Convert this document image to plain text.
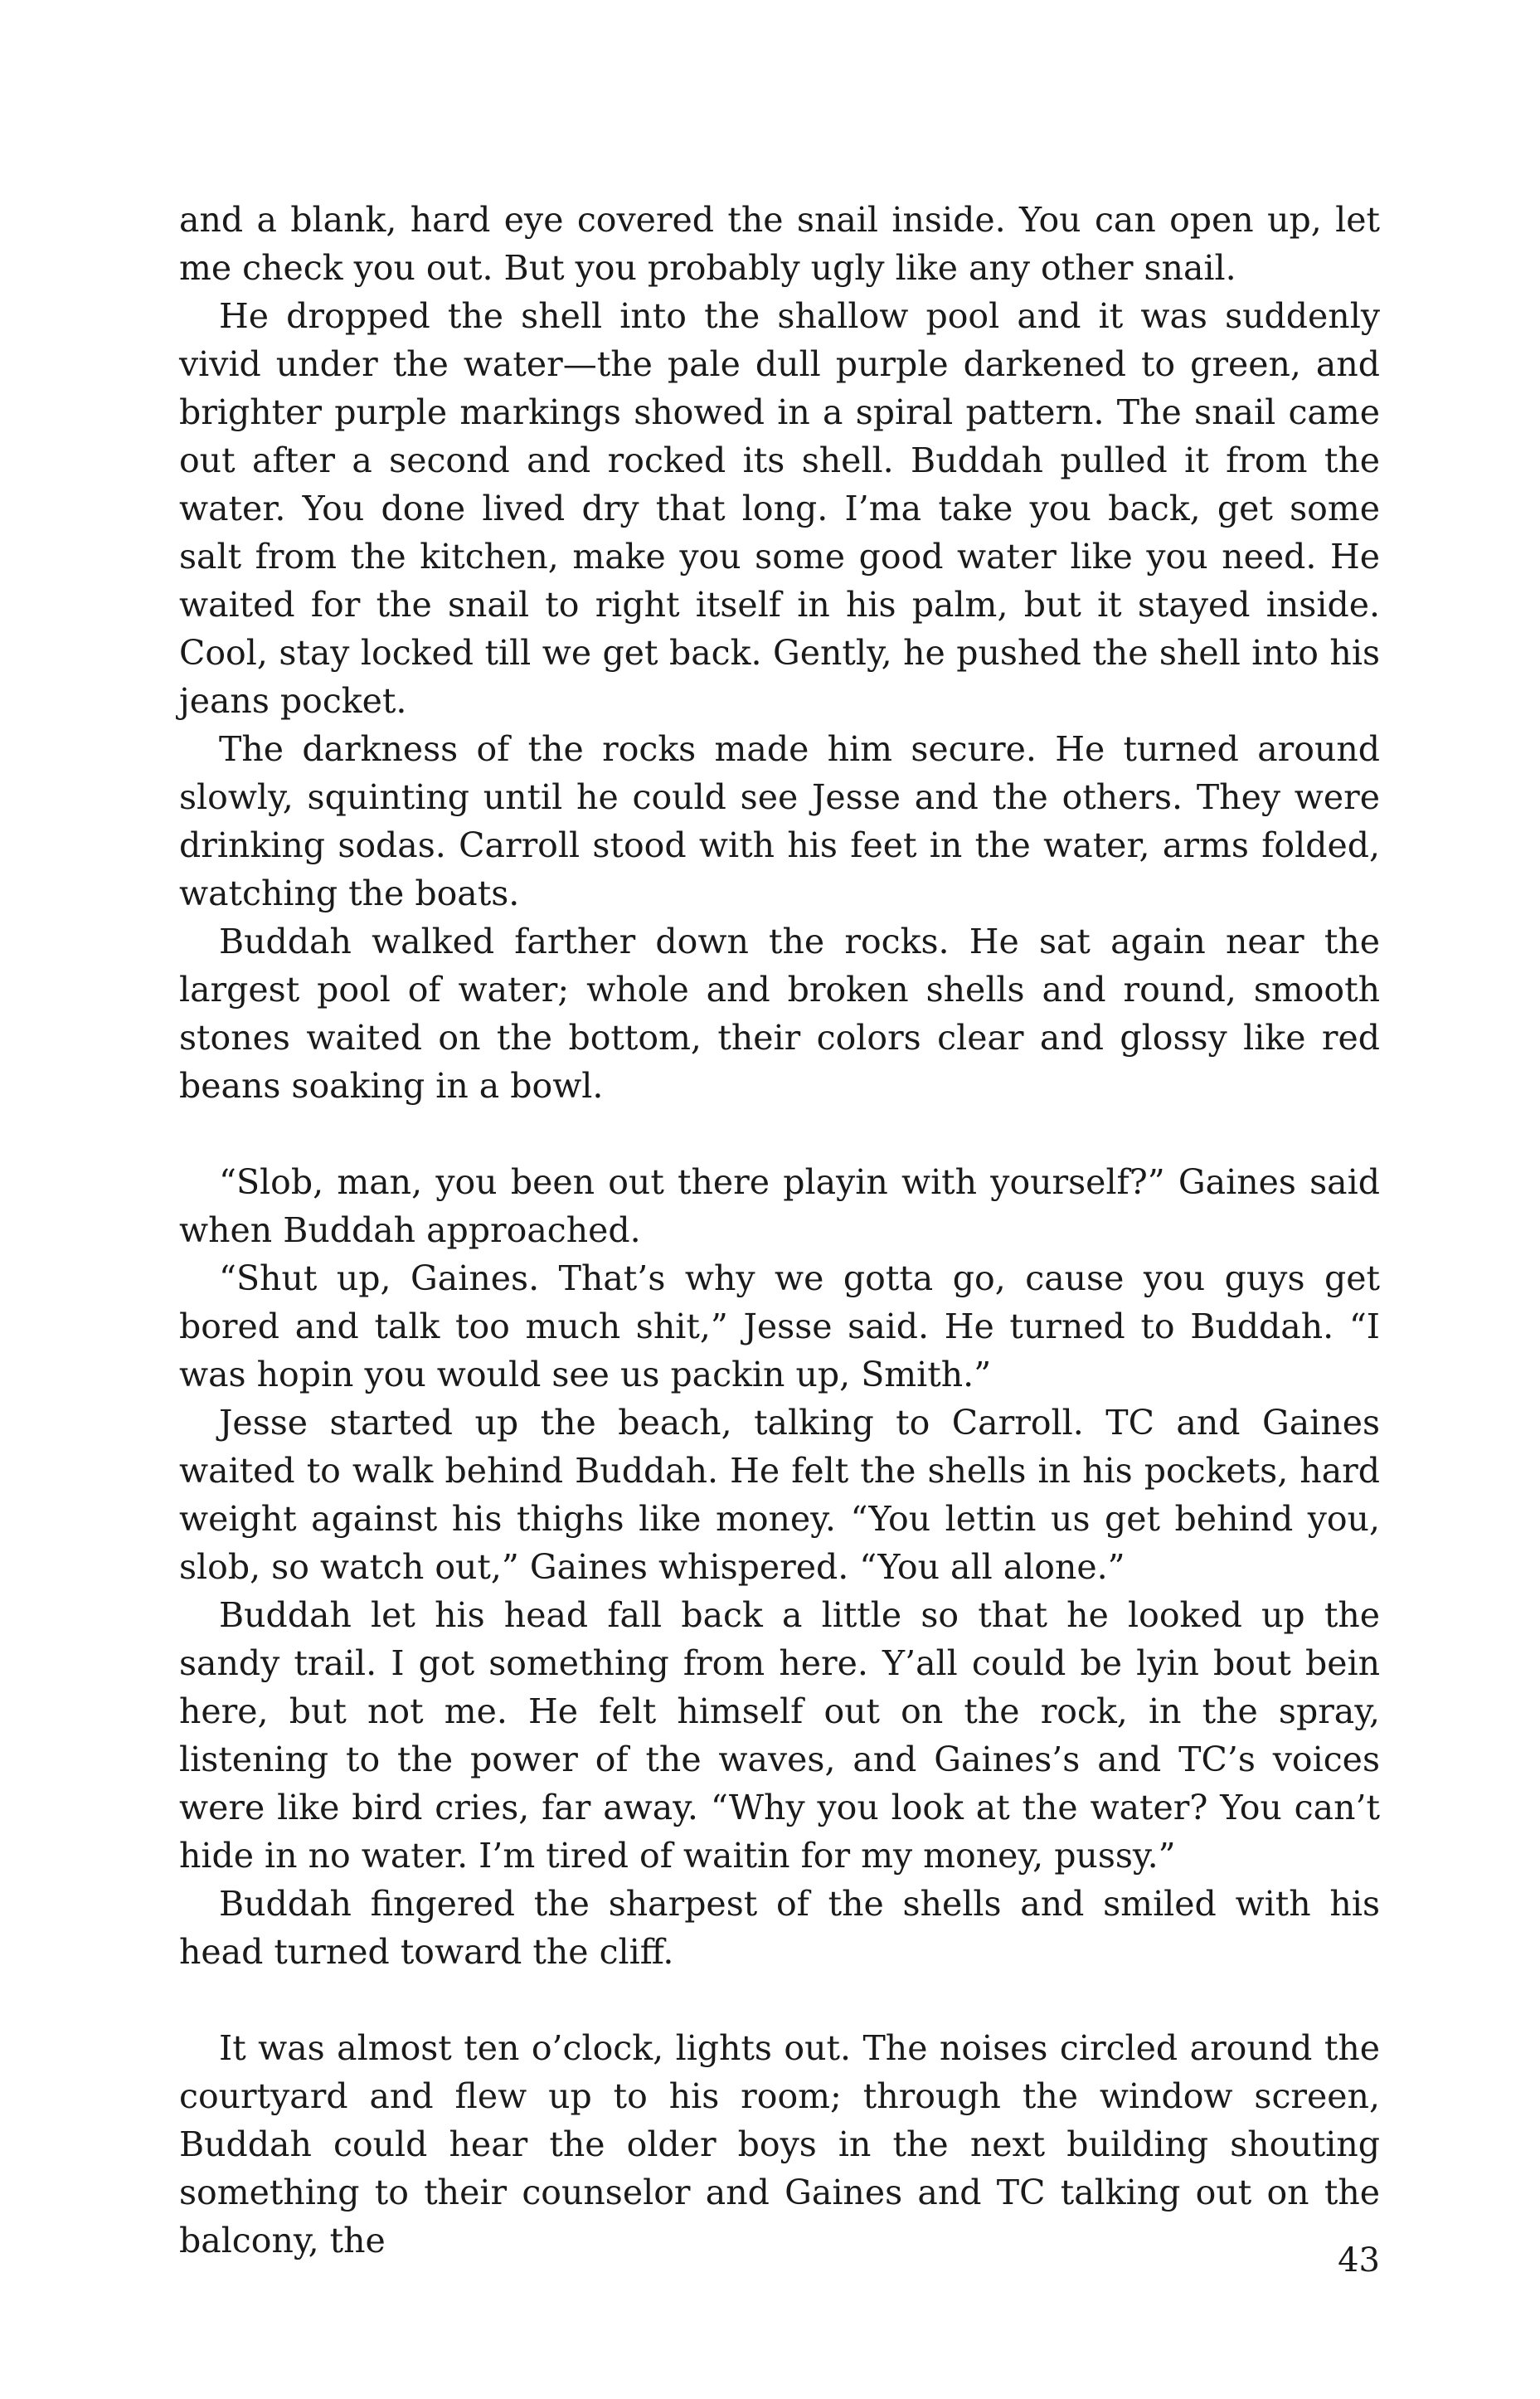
and a blank, hard eye covered the snail inside. You can open up, let me check you out. But you probably ugly like any other snail.

He dropped the shell into the shallow pool and it was suddenly vivid under the water—the pale dull purple darkened to green, and brighter purple markings showed in a spiral pattern. The snail came out after a second and rocked its shell. Buddah pulled it from the water. You done lived dry that long. I’ma take you back, get some salt from the kitchen, make you some good water like you need. He waited for the snail to right itself in his palm, but it stayed inside. Cool, stay locked till we get back. Gently, he pushed the shell into his jeans pocket.

The darkness of the rocks made him secure. He turned around slowly, squinting until he could see Jesse and the others. They were drinking sodas. Carroll stood with his feet in the water, arms folded, watching the boats.

Buddah walked farther down the rocks. He sat again near the largest pool of water; whole and broken shells and round, smooth stones waited on the bottom, their colors clear and glossy like red beans soaking in a bowl.

“Slob, man, you been out there playin with yourself?” Gaines said when Buddah approached.

“Shut up, Gaines. That’s why we gotta go, cause you guys get bored and talk too much shit,” Jesse said. He turned to Buddah. “I was hopin you would see us packin up, Smith.”

Jesse started up the beach, talking to Carroll. TC and Gaines waited to walk behind Buddah. He felt the shells in his pockets, hard weight against his thighs like money. “You lettin us get behind you, slob, so watch out,” Gaines whispered. “You all alone.”

Buddah let his head fall back a little so that he looked up the sandy trail. I got something from here. Y’all could be lyin bout bein here, but not me. He felt himself out on the rock, in the spray, listening to the power of the waves, and Gaines’s and TC’s voices were like bird cries, far away. “Why you look at the water? You can’t hide in no water. I’m tired of waitin for my money, pussy.”

Buddah fingered the sharpest of the shells and smiled with his head turned toward the cliff.

It was almost ten o’clock, lights out. The noises circled around the courtyard and flew up to his room; through the window screen, Buddah could hear the older boys in the next building shouting something to their counselor and Gaines and TC talking out on the balcony, the	43
